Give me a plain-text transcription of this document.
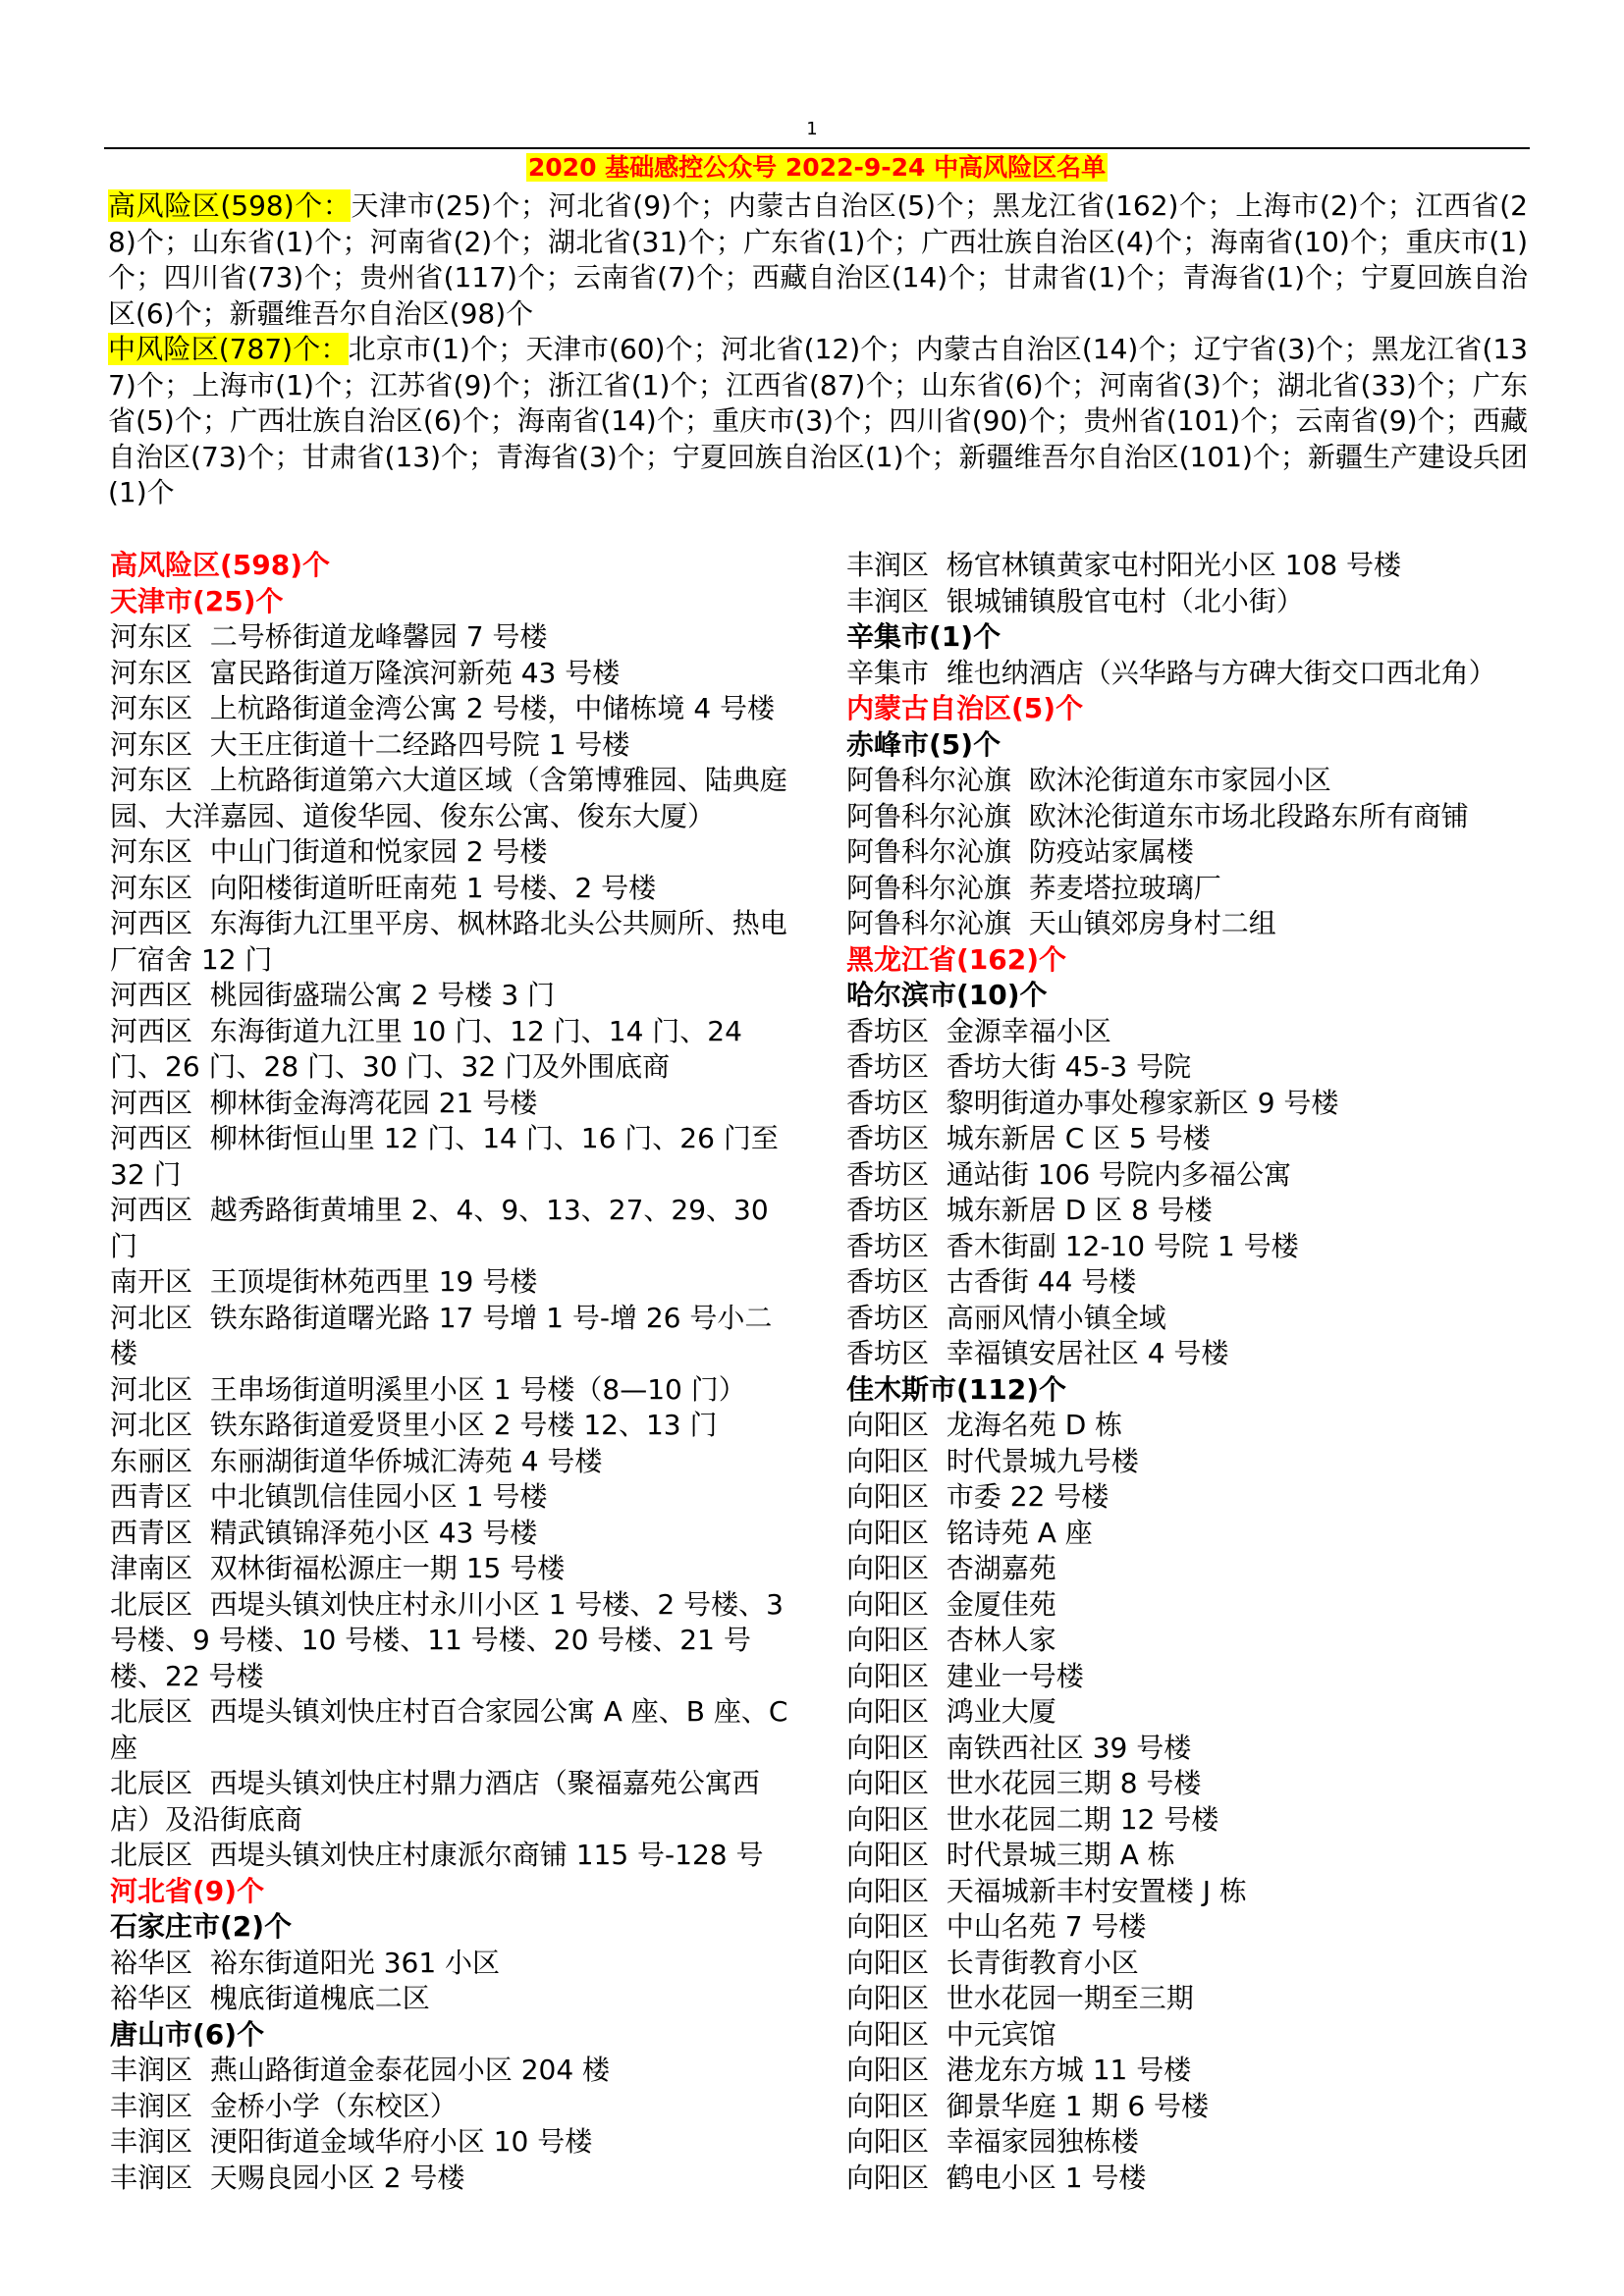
1
2020 基础感控公众号 2022-9-24 中高风险区名单
高风险区(598)个：天津市(25)个；河北省(9)个；内蒙古自治区(5)个；黑龙江省(162)个；上海市(2)个；江西省(28)个；山东省(1)个；河南省(2)个；湖北省(31)个；广东省(1)个；广西壮族自治区(4)个；海南省(10)个；重庆市(1)个；四川省(73)个；贵州省(117)个；云南省(7)个；西藏自治区(14)个；甘肃省(1)个；青海省(1)个；宁夏回族自治区(6)个；新疆维吾尔自治区(98)个
中风险区(787)个：北京市(1)个；天津市(60)个；河北省(12)个；内蒙古自治区(14)个；辽宁省(3)个；黑龙江省(137)个；上海市(1)个；江苏省(9)个；浙江省(1)个；江西省(87)个；山东省(6)个；河南省(3)个；湖北省(33)个；广东省(5)个；广西壮族自治区(6)个；海南省(14)个；重庆市(3)个；四川省(90)个；贵州省(101)个；云南省(9)个；西藏自治区(73)个；甘肃省(13)个；青海省(3)个；宁夏回族自治区(1)个；新疆维吾尔自治区(101)个；新疆生产建设兵团(1)个
高风险区(598)个
天津市(25)个
河东区  二号桥街道龙峰馨园 7 号楼
河东区  富民路街道万隆滨河新苑 43 号楼
河东区  上杭路街道金湾公寓 2 号楼，中储栋境 4 号楼
河东区  大王庄街道十二经路四号院 1 号楼
河东区  上杭路街道第六大道区域（含第博雅园、陆典庭园、大洋嘉园、道俊华园、俊东公寓、俊东大厦）
河东区  中山门街道和悦家园 2 号楼
河东区  向阳楼街道昕旺南苑 1 号楼、2 号楼
河西区  东海街九江里平房、枫林路北头公共厕所、热电厂宿舍 12 门
河西区  桃园街盛瑞公寓 2 号楼 3 门
河西区  东海街道九江里 10 门、12 门、14 门、24 门、26 门、28 门、30 门、32 门及外围底商
河西区  柳林街金海湾花园 21 号楼
河西区  柳林街恒山里 12 门、14 门、16 门、26 门至 32 门
河西区  越秀路街黄埔里 2、4、9、13、27、29、30 门
南开区  王顶堤街林苑西里 19 号楼
河北区  铁东路街道曙光路 17 号增 1 号-增 26 号小二楼
河北区  王串场街道明溪里小区 1 号楼（8—10 门）
河北区  铁东路街道爱贤里小区 2 号楼 12、13 门
东丽区  东丽湖街道华侨城汇涛苑 4 号楼
西青区  中北镇凯信佳园小区 1 号楼
西青区  精武镇锦泽苑小区 43 号楼
津南区  双林街福松源庄一期 15 号楼
北辰区  西堤头镇刘快庄村永川小区 1 号楼、2 号楼、3 号楼、9 号楼、10 号楼、11 号楼、20 号楼、21 号楼、22 号楼
北辰区  西堤头镇刘快庄村百合家园公寓 A 座、B 座、C 座
北辰区  西堤头镇刘快庄村鼎力酒店（聚福嘉苑公寓西店）及沿街底商
北辰区  西堤头镇刘快庄村康派尔商铺 115 号-128 号
河北省(9)个
石家庄市(2)个
裕华区  裕东街道阳光 361 小区
裕华区  槐底街道槐底二区
唐山市(6)个
丰润区  燕山路街道金泰花园小区 204 楼
丰润区  金桥小学（东校区）
丰润区  浭阳街道金域华府小区 10 号楼
丰润区  天赐良园小区 2 号楼
丰润区  杨官林镇黄家屯村阳光小区 108 号楼
丰润区  银城铺镇殷官屯村（北小街）
辛集市(1)个
辛集市  维也纳酒店（兴华路与方碑大街交口西北角）
内蒙古自治区(5)个
赤峰市(5)个
阿鲁科尔沁旗  欧沐沦街道东市家园小区
阿鲁科尔沁旗  欧沐沦街道东市场北段路东所有商铺
阿鲁科尔沁旗  防疫站家属楼
阿鲁科尔沁旗  荞麦塔拉玻璃厂
阿鲁科尔沁旗  天山镇郊房身村二组
黑龙江省(162)个
哈尔滨市(10)个
香坊区  金源幸福小区
香坊区  香坊大街 45-3 号院
香坊区  黎明街道办事处穆家新区 9 号楼
香坊区  城东新居 C 区 5 号楼
香坊区  通站街 106 号院内多福公寓
香坊区  城东新居 D 区 8 号楼
香坊区  香木街副 12-10 号院 1 号楼
香坊区  古香街 44 号楼
香坊区  高丽风情小镇全域
香坊区  幸福镇安居社区 4 号楼
佳木斯市(112)个
向阳区  龙海名苑 D 栋
向阳区  时代景城九号楼
向阳区  市委 22 号楼
向阳区  铭诗苑 A 座
向阳区  杏湖嘉苑
向阳区  金厦佳苑
向阳区  杏林人家
向阳区  建业一号楼
向阳区  鸿业大厦
向阳区  南铁西社区 39 号楼
向阳区  世水花园三期 8 号楼
向阳区  世水花园二期 12 号楼
向阳区  时代景城三期 A 栋
向阳区  天福城新丰村安置楼 J 栋
向阳区  中山名苑 7 号楼
向阳区  长青街教育小区
向阳区  世水花园一期至三期
向阳区  中元宾馆
向阳区  港龙东方城 11 号楼
向阳区  御景华庭 1 期 6 号楼
向阳区  幸福家园独栋楼
向阳区  鹤电小区 1 号楼
